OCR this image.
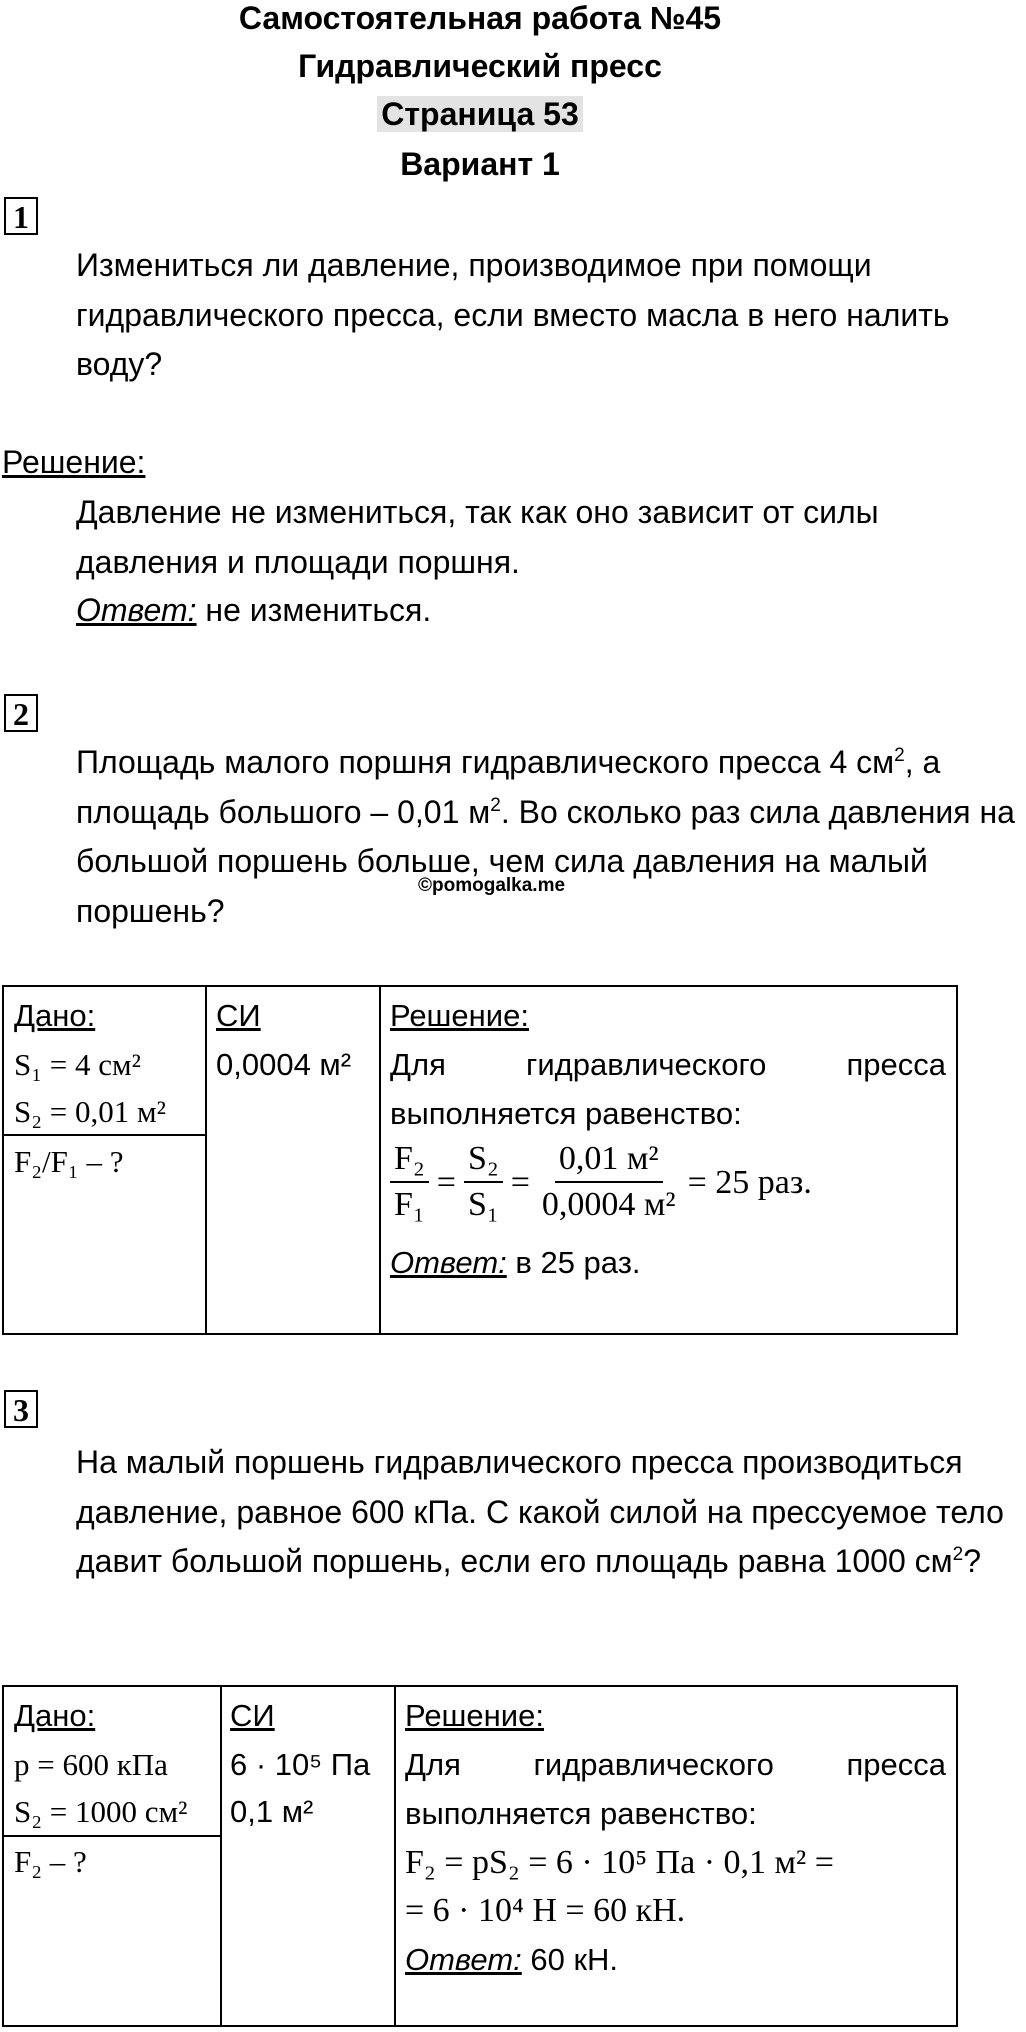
Самостоятельная работа №45
Гидравлический пресс
Страница 53
Вариант 1
1
Измениться ли давление, производимое при помощи гидравлического пресса, если вместо масла в него налить воду?
Решение:
Давление не измениться, так как оно зависит от силы давления и площади поршня.
Ответ: не измениться.
2
Площадь малого поршня гидравлического пресса 4 $см^2$, а площадь большого – 0,01 $м^2$. Во сколько раз сила давления на большой поршень больше, чем сила давления на малый поршень?
©pomogalka.me
Дано:
S₁ = 4 см²
S₂ = 0,01 м²
F₂/F₁ – ?
СИ
0,0004 м²
Решение:
Для	гидравлического	пресса
выполняется равенство:
$\frac{\text{F₂}}{\text{F₁}} = \frac{\text{S₂}}{\text{S₁}} = \frac{\text{0,01 м²}}{\text{0,0004 м²}} = 25$ раз.
Ответ: в 25 раз.
3
На малый поршень гидравлического пресса производиться давление, равное 600 кПа. С какой силой на прессуемое тело давит большой поршень, если его площадь равна 1000 $см^2$?
Дано:
p = 600 кПа
S₂ = 1000 см²
F₂ – ?
СИ
6 · 10⁵ Па
0,1 м²
Решение:
Для гидравлического пресса
выполняется равенство:
F₂ = pS₂ = 6 · 10⁵ Па · 0,1 м² =
= 6 · 10⁴ Н = 60 кН.
Ответ: 60 кН.
